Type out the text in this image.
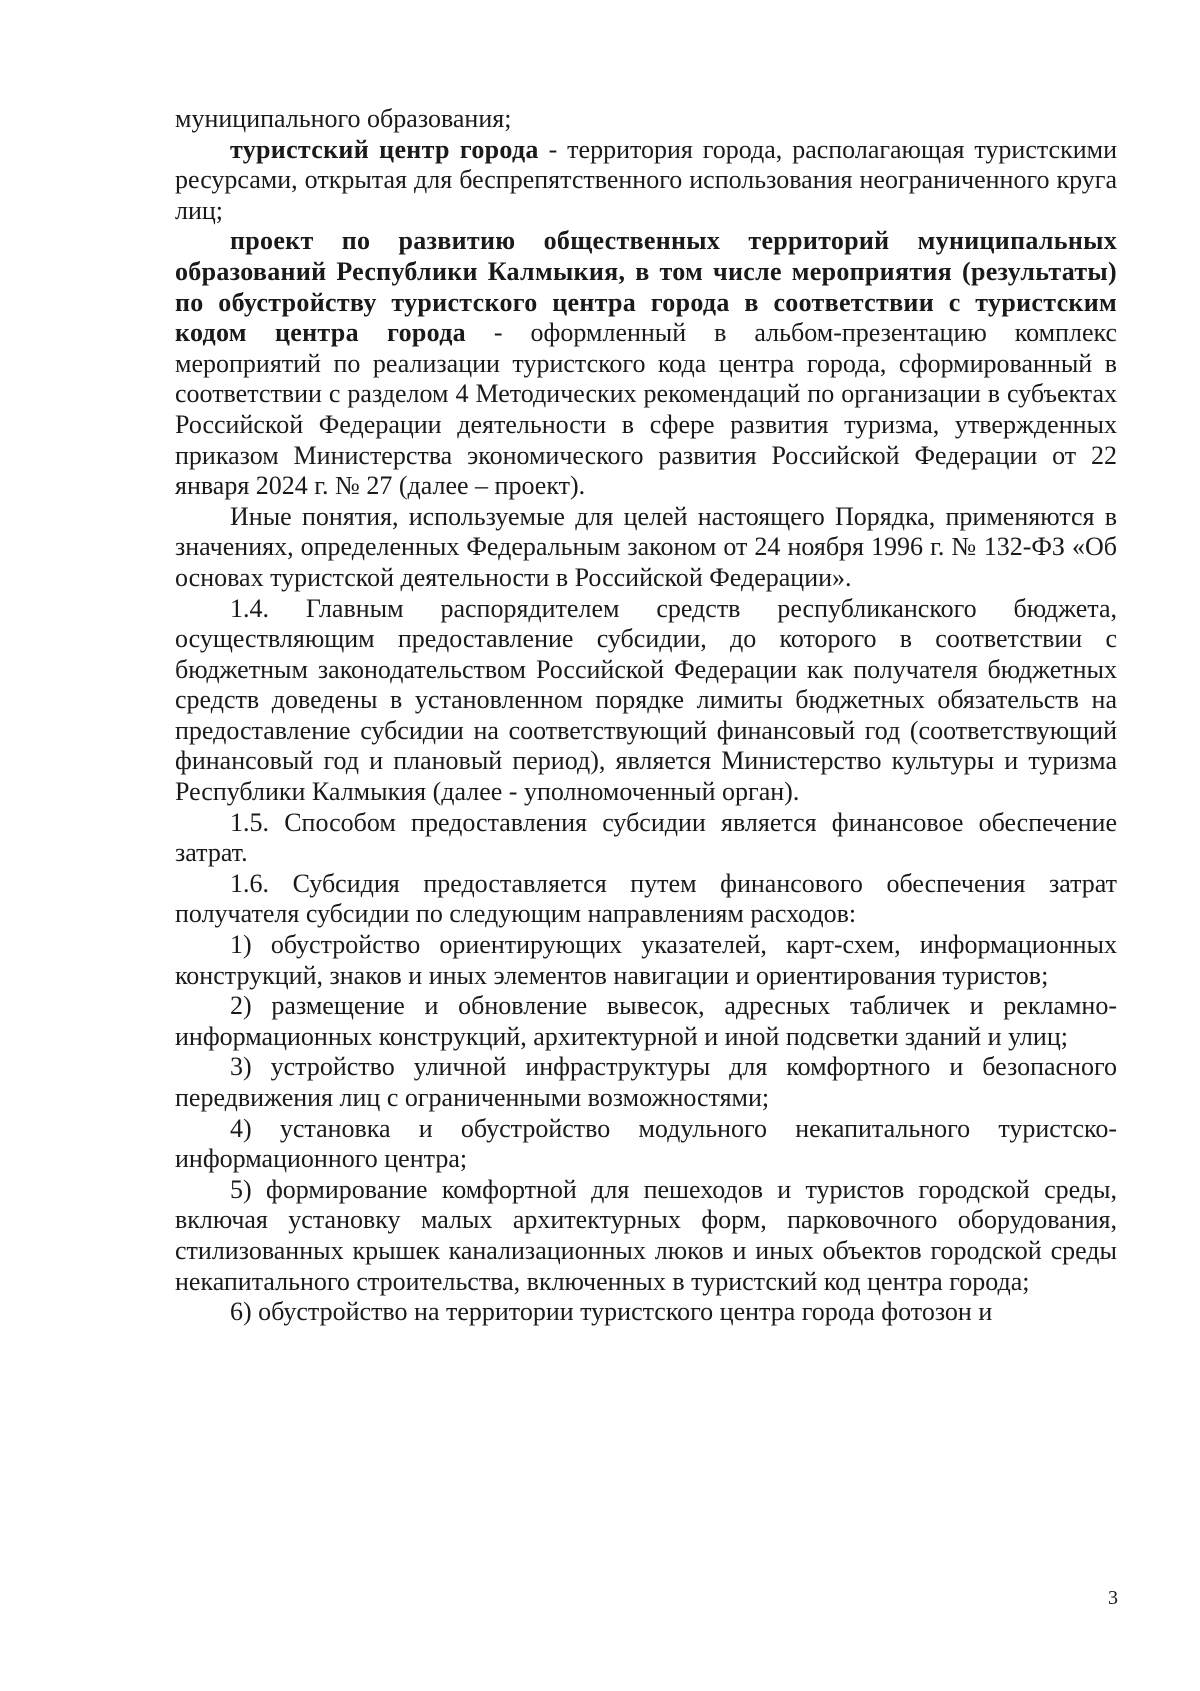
муниципального образования;

туристский центр города - территория города, располагающая туристскими ресурсами, открытая для беспрепятственного использования неограниченного круга лиц;

проект по развитию общественных территорий муниципальных образований Республики Калмыкия, в том числе мероприятия (результаты) по обустройству туристского центра города в соответствии с туристским кодом центра города - оформленный в альбом-презентацию комплекс мероприятий по реализации туристского кода центра города, сформированный в соответствии с разделом 4 Методических рекомендаций по организации в субъектах Российской Федерации деятельности в сфере развития туризма, утвержденных приказом Министерства экономического развития Российской Федерации от 22 января 2024 г. № 27 (далее – проект).

Иные понятия, используемые для целей настоящего Порядка, применяются в значениях, определенных Федеральным законом от 24 ноября 1996 г. № 132-ФЗ «Об основах туристской деятельности в Российской Федерации».

1.4. Главным распорядителем средств республиканского бюджета, осуществляющим предоставление субсидии, до которого в соответствии с бюджетным законодательством Российской Федерации как получателя бюджетных средств доведены в установленном порядке лимиты бюджетных обязательств на предоставление субсидии на соответствующий финансовый год (соответствующий финансовый год и плановый период), является Министерство культуры и туризма Республики Калмыкия (далее - уполномоченный орган).

1.5. Способом предоставления субсидии является финансовое обеспечение затрат.

1.6. Субсидия предоставляется путем финансового обеспечения затрат получателя субсидии по следующим направлениям расходов:

1) обустройство ориентирующих указателей, карт-схем, информационных конструкций, знаков и иных элементов навигации и ориентирования туристов;

2) размещение и обновление вывесок, адресных табличек и рекламно-информационных конструкций, архитектурной и иной подсветки зданий и улиц;

3) устройство уличной инфраструктуры для комфортного и безопасного передвижения лиц с ограниченными возможностями;

4) установка и обустройство модульного некапитального туристско-информационного центра;

5) формирование комфортной для пешеходов и туристов городской среды, включая установку малых архитектурных форм, парковочного оборудования, стилизованных крышек канализационных люков и иных объектов городской среды некапитального строительства, включенных в туристский код центра города;

6) обустройство на территории туристского центра города фотозон и

3
